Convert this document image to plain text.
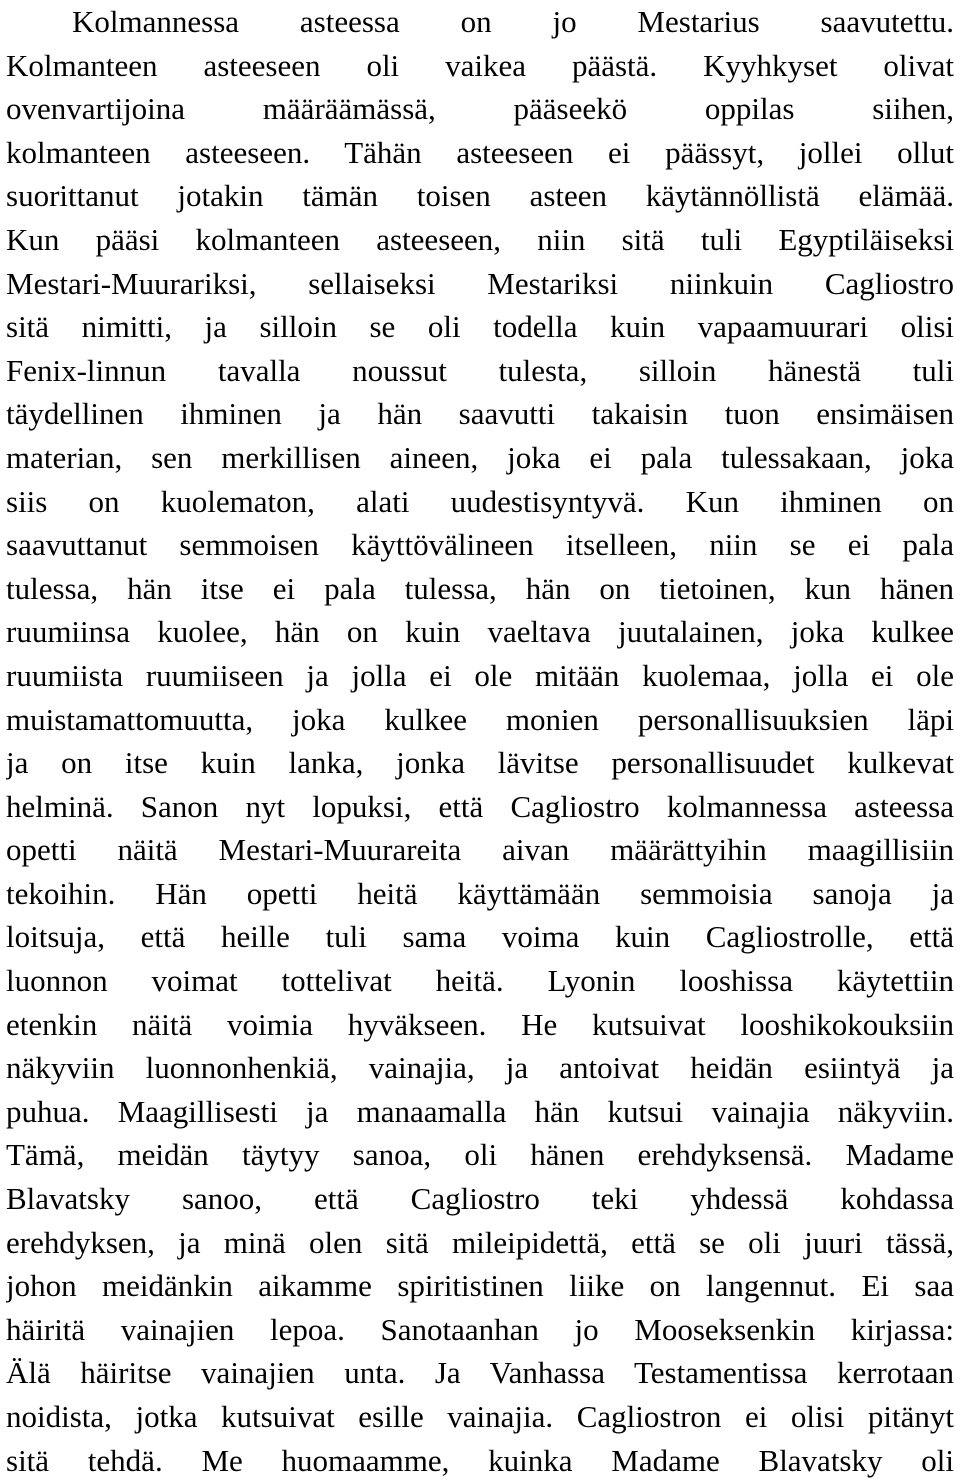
Kolmannessa asteessa on jo Mestarius saavutettu.
Kolmanteen asteeseen oli vaikea päästä. Kyyhkyset olivat
ovenvartijoina määräämässä, pääseekö oppilas siihen,
kolmanteen asteeseen. Tähän asteeseen ei päässyt, jollei ollut
suorittanut jotakin tämän toisen asteen käytännöllistä elämää.
Kun pääsi kolmanteen asteeseen, niin sitä tuli Egyptiläiseksi
Mestari-Muurariksi, sellaiseksi Mestariksi niinkuin Cagliostro
sitä nimitti, ja silloin se oli todella kuin vapaamuurari olisi
Fenix-linnun tavalla noussut tulesta, silloin hänestä tuli
täydellinen ihminen ja hän saavutti takaisin tuon ensimäisen
materian, sen merkillisen aineen, joka ei pala tulessakaan, joka
siis on kuolematon, alati uudestisyntyvä. Kun ihminen on
saavuttanut semmoisen käyttövälineen itselleen, niin se ei pala
tulessa, hän itse ei pala tulessa, hän on tietoinen, kun hänen
ruumiinsa kuolee, hän on kuin vaeltava juutalainen, joka kulkee
ruumiista ruumiiseen ja jolla ei ole mitään kuolemaa, jolla ei ole
muistamattomuutta, joka kulkee monien personallisuuksien läpi
ja on itse kuin lanka, jonka lävitse personallisuudet kulkevat
helminä. Sanon nyt lopuksi, että Cagliostro kolmannessa asteessa
opetti näitä Mestari-Muurareita aivan määrättyihin maagillisiin
tekoihin. Hän opetti heitä käyttämään semmoisia sanoja ja
loitsuja, että heille tuli sama voima kuin Cagliostrolle, että
luonnon voimat tottelivat heitä. Lyonin looshissa käytettiin
etenkin näitä voimia hyväkseen. He kutsuivat looshikokouksiin
näkyviin luonnonhenkiä, vainajia, ja antoivat heidän esiintyä ja
puhua. Maagillisesti ja manaamalla hän kutsui vainajia näkyviin.
Tämä, meidän täytyy sanoa, oli hänen erehdyksensä. Madame
Blavatsky sanoo, että Cagliostro teki yhdessä kohdassa
erehdyksen, ja minä olen sitä mileipidettä, että se oli juuri tässä,
johon meidänkin aikamme spiritistinen liike on langennut. Ei saa
häiritä vainajien lepoa. Sanotaanhan jo Mooseksenkin kirjassa:
Älä häiritse vainajien unta. Ja Vanhassa Testamentissa kerrotaan
noidista, jotka kutsuivat esille vainajia. Cagliostron ei olisi pitänyt
sitä tehdä. Me huomaamme, kuinka Madame Blavatsky oli
